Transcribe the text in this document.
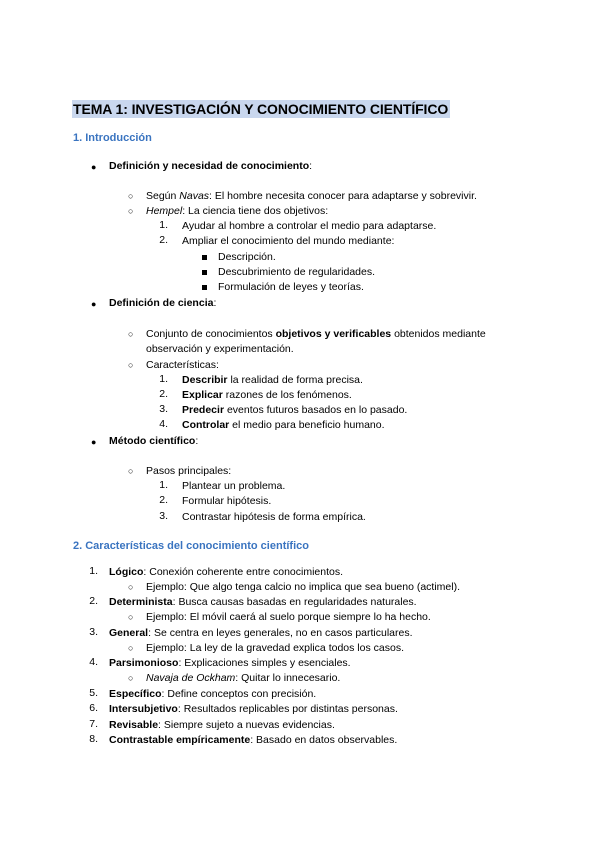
TEMA 1: INVESTIGACIÓN Y CONOCIMIENTO CIENTÍFICO
1. Introducción
● Definición y necesidad de conocimiento:
○ Según Navas: El hombre necesita conocer para adaptarse y sobrevivir.
○ Hempel: La ciencia tiene dos objetivos:
1. Ayudar al hombre a controlar el medio para adaptarse.
2. Ampliar el conocimiento del mundo mediante:
Descripción.
Descubrimiento de regularidades.
Formulación de leyes y teorías.
● Definición de ciencia:
○ Conjunto de conocimientos objetivos y verificables obtenidos mediante
observación y experimentación.
○ Características:
1. Describir la realidad de forma precisa.
2. Explicar razones de los fenómenos.
3. Predecir eventos futuros basados en lo pasado.
4. Controlar el medio para beneficio humano.
● Método científico:
○ Pasos principales:
1. Plantear un problema.
2. Formular hipótesis.
3. Contrastar hipótesis de forma empírica.
2. Características del conocimiento científico
1. Lógico: Conexión coherente entre conocimientos.
○ Ejemplo: Que algo tenga calcio no implica que sea bueno (actimel).
2. Determinista: Busca causas basadas en regularidades naturales.
○ Ejemplo: El móvil caerá al suelo porque siempre lo ha hecho.
3. General: Se centra en leyes generales, no en casos particulares.
○ Ejemplo: La ley de la gravedad explica todos los casos.
4. Parsimonioso: Explicaciones simples y esenciales.
○ Navaja de Ockham: Quitar lo innecesario.
5. Específico: Define conceptos con precisión.
6. Intersubjetivo: Resultados replicables por distintas personas.
7. Revisable: Siempre sujeto a nuevas evidencias.
8. Contrastable empíricamente: Basado en datos observables.
